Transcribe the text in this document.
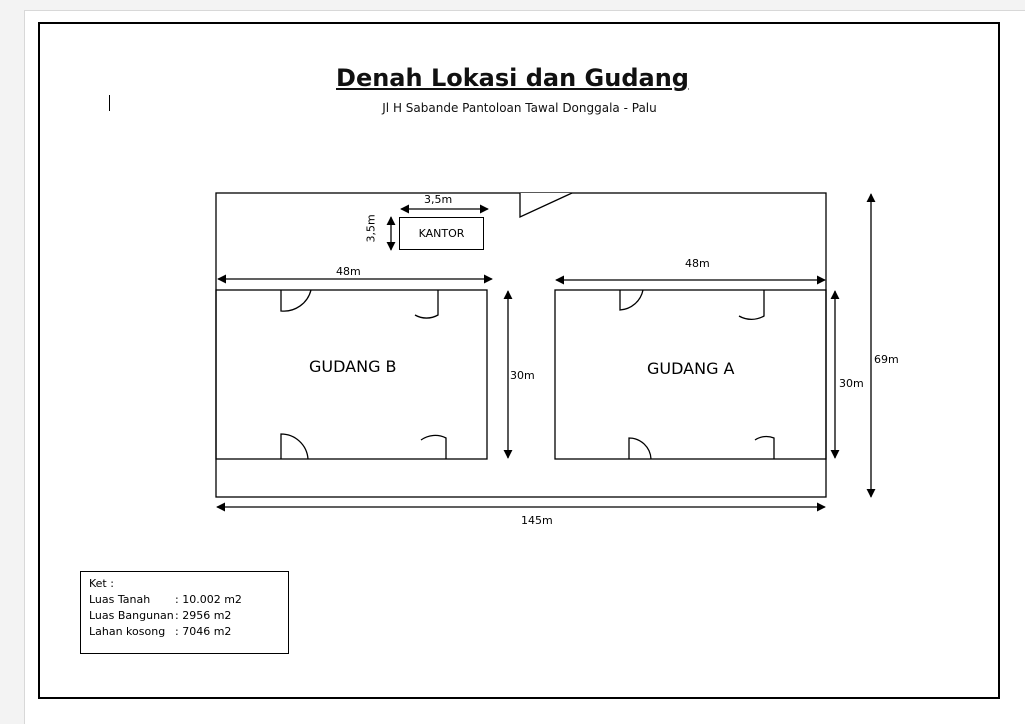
Denah Lokasi dan Gudang
Jl H Sabande Pantoloan Tawal Donggala - Palu
KANTOR
3,5m
3,5m
48m
48m
30m
30m
145m
69m
GUDANG B	GUDANG A
Ket :
Luas Tanah	: 10.002 m2
Luas Bangunan : 2956 m2
Lahan kosong : 7046 m2
